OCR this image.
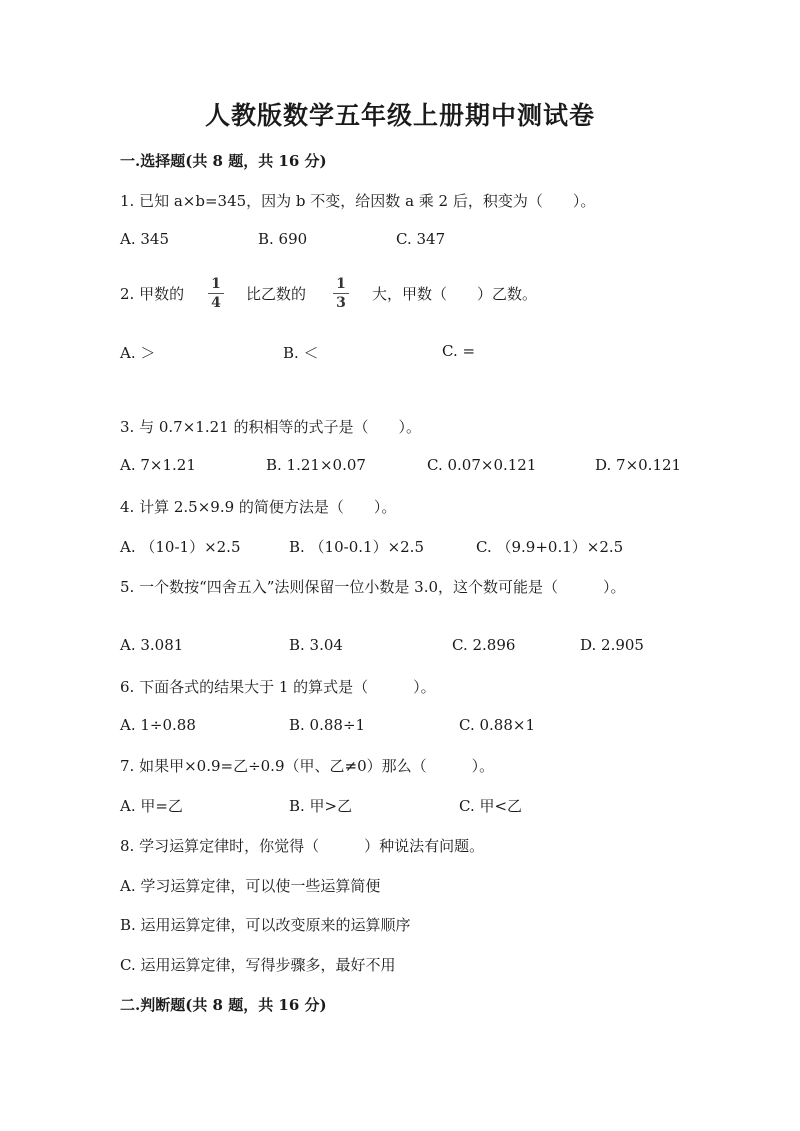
人教版数学五年级上册期中测试卷
一.选择题(共 8 题，共 16 分)
1. 已知 a×b=345，因为 b 不变，给因数 a 乘 2 后，积变为（　　）。
A. 345	B. 690	C. 347
2. 甲数的
1
4 比乙数的
1
3 大，甲数（　　）乙数。
A. ＞	B. ＜	C. =
3. 与 0.7×1.21 的积相等的式子是（　　）。
A. 7×1.21	B. 1.21×0.07	C. 0.07×0.121	D. 7×0.121
4. 计算 2.5×9.9 的简便方法是（　　）。
A. （10-1）×2.5	B. （10-0.1）×2.5	C. （9.9+0.1）×2.5
5. 一个数按“四舍五入”法则保留一位小数是 3.0，这个数可能是（　　　）。
A. 3.081	B. 3.04	C. 2.896	D. 2.905
6. 下面各式的结果大于 1 的算式是（　　　）。
A. 1÷0.88	B. 0.88÷1	C. 0.88×1
7. 如果甲×0.9=乙÷0.9（甲、乙≠0）那么（　　　）。
A. 甲=乙	B. 甲>乙	C. 甲<乙
8. 学习运算定律时，你觉得（　　　）种说法有问题。
A. 学习运算定律，可以使一些运算简便
B. 运用运算定律，可以改变原来的运算顺序
C. 运用运算定律，写得步骤多，最好不用
二.判断题(共 8 题，共 16 分)
